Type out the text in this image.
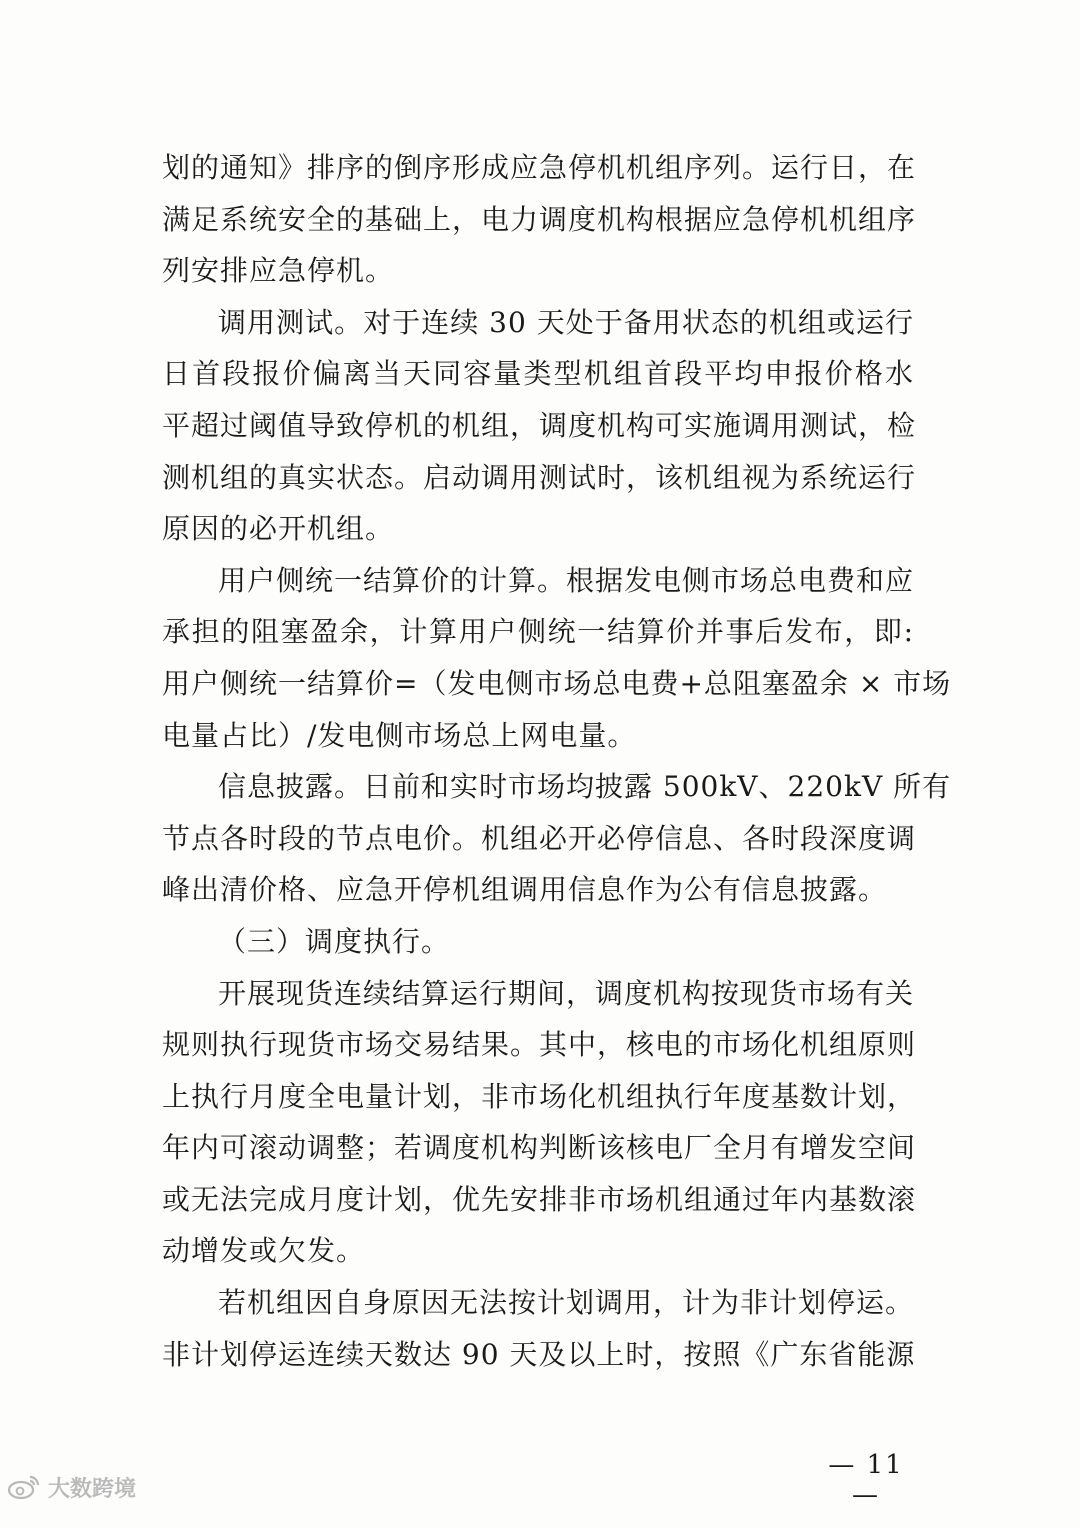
划的通知》排序的倒序形成应急停机机组序列。运行日，在
满足系统安全的基础上，电力调度机构根据应急停机机组序
列安排应急停机。
调用测试。对于连续 30 天处于备用状态的机组或运行
日首段报价偏离当天同容量类型机组首段平均申报价格水
平超过阈值导致停机的机组，调度机构可实施调用测试，检
测机组的真实状态。启动调用测试时，该机组视为系统运行
原因的必开机组。
用户侧统一结算价的计算。根据发电侧市场总电费和应
承担的阻塞盈余，计算用户侧统一结算价并事后发布，即:
用户侧统一结算价=（发电侧市场总电费+总阻塞盈余 × 市场
电量占比）/发电侧市场总上网电量。
信息披露。日前和实时市场均披露 500kV、220kV 所有
节点各时段的节点电价。机组必开必停信息、各时段深度调
峰出清价格、应急开停机组调用信息作为公有信息披露。
（三）调度执行。
开展现货连续结算运行期间，调度机构按现货市场有关
规则执行现货市场交易结果。其中，核电的市场化机组原则
上执行月度全电量计划，非市场化机组执行年度基数计划，
年内可滚动调整；若调度机构判断该核电厂全月有增发空间
或无法完成月度计划，优先安排非市场机组通过年内基数滚
动增发或欠发。
若机组因自身原因无法按计划调用，计为非计划停运。
非计划停运连续天数达 90 天及以上时，按照《广东省能源
— 11 —
大数跨境
